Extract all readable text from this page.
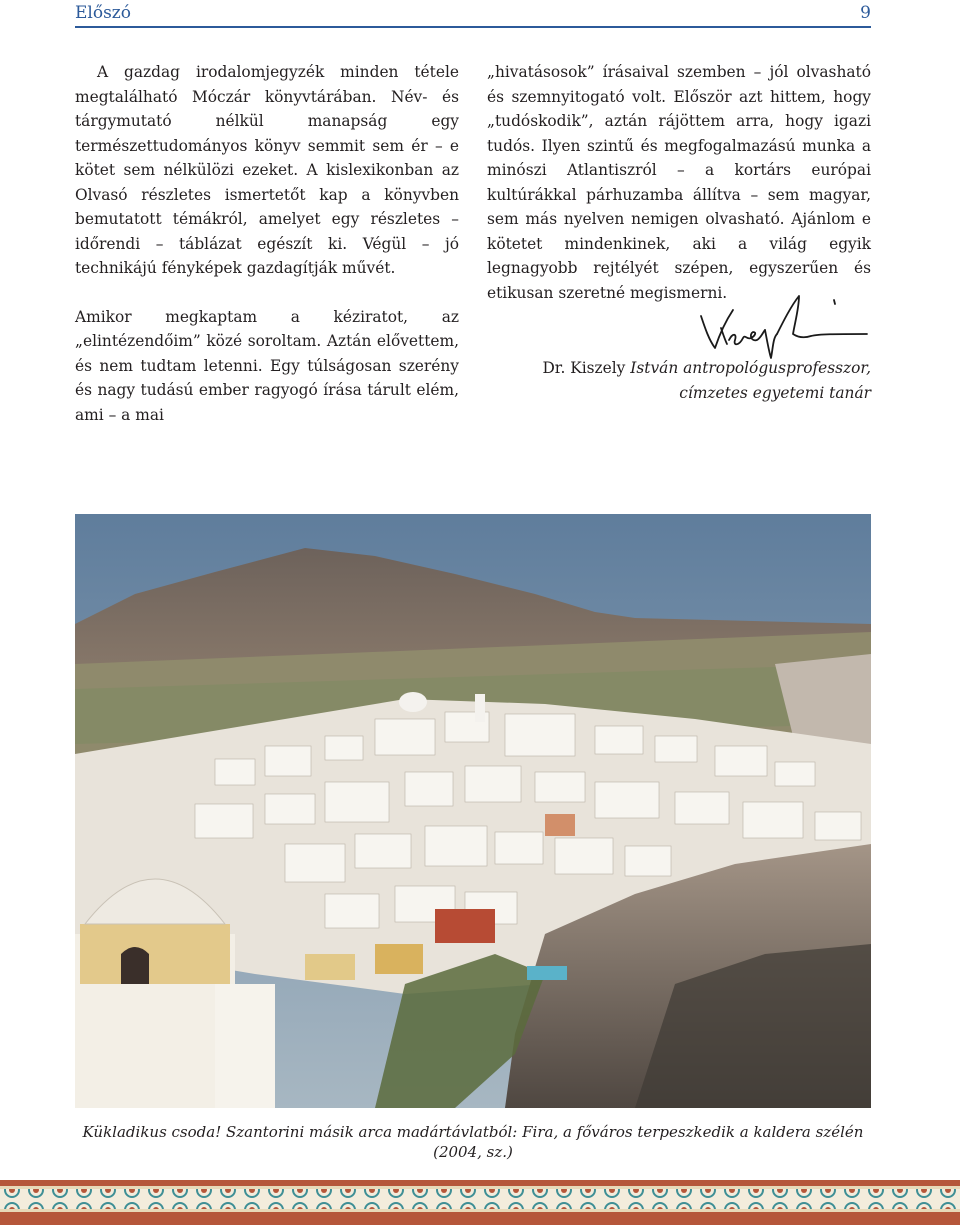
Előszó	9

A gazdag irodalomjegyzék minden tétele megtalálható Móczár könyvtárában. Név- és tárgymutató nélkül manapság egy természettudományos könyv semmit sem ér – e kötet sem nélkülözi ezeket. A kislexikonban az Olvasó részletes ismertetőt kap a könyvben bemutatott témákról, amelyet egy részletes – időrendi – táblázat egészít ki. Végül – jó technikájú fényképek gazdagítják művét.

Amikor megkaptam a kéziratot, az „elintézendőim” közé soroltam. Aztán elővettem, és nem tudtam letenni. Egy túlságosan szerény és nagy tudású ember ragyogó írása tárult elém, ami – a mai

„hivatásosok” írásaival szemben – jól olvasható és szemnyitogató volt. Először azt hittem, hogy „tudóskodik”, aztán rájöttem arra, hogy igazi tudós. Ilyen szintű és megfogalmazású munka a minószi Atlantiszról – a kortárs európai kultúrákkal párhuzamba állítva – sem magyar, sem más nyelven nemigen olvasható. Ajánlom e kötetet mindenkinek, aki a világ egyik legnagyobb rejtélyét szépen, egyszerűen és etikusan szeretné megismerni.

Dr. Kiszely István antropológusprofesszor,
címzetes egyetemi tanár
Kükladikus csoda! Szantorini másik arca madártávlatból: Fira, a főváros terpeszkedik a kaldera szélén (2004, sz.)
